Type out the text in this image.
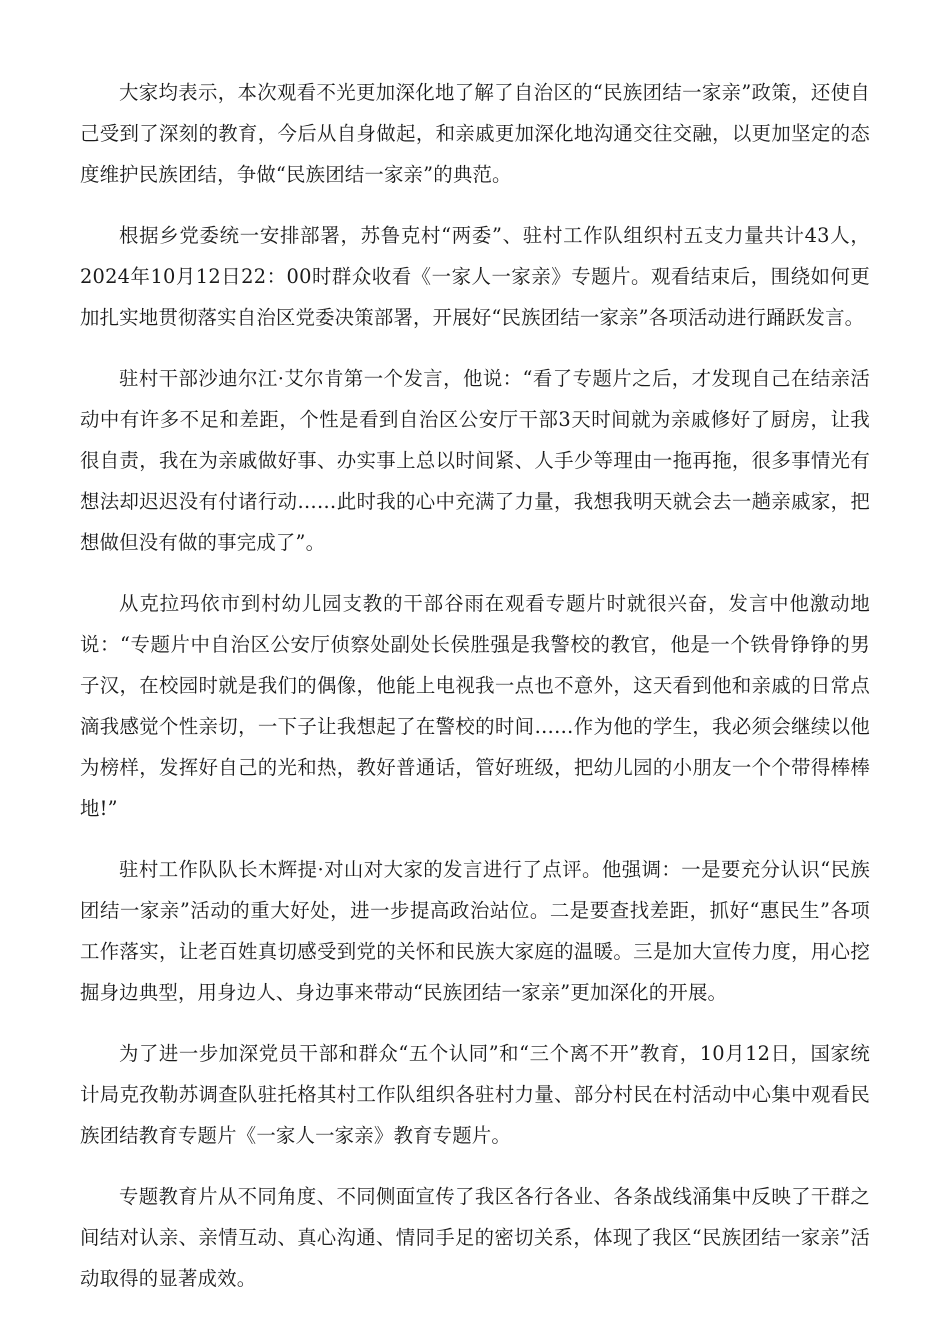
大家均表示，本次观看不光更加深化地了解了自治区的“民族团结一家亲”政策，还使自己受到了深刻的教育，今后从自身做起，和亲戚更加深化地沟通交往交融，以更加坚定的态度维护民族团结，争做“民族团结一家亲”的典范。

根据乡党委统一安排部署，苏鲁克村“两委”、驻村工作队组织村五支力量共计43人，2024年10月12日22：00时群众收看《一家人一家亲》专题片。观看结束后，围绕如何更加扎实地贯彻落实自治区党委决策部署，开展好“民族团结一家亲”各项活动进行踊跃发言。

驻村干部沙迪尔江·艾尔肯第一个发言，他说：“看了专题片之后，才发现自己在结亲活动中有许多不足和差距，个性是看到自治区公安厅干部3天时间就为亲戚修好了厨房，让我很自责，我在为亲戚做好事、办实事上总以时间紧、人手少等理由一拖再拖，很多事情光有想法却迟迟没有付诸行动……此时我的心中充满了力量，我想我明天就会去一趟亲戚家，把想做但没有做的事完成了”。

从克拉玛依市到村幼儿园支教的干部谷雨在观看专题片时就很兴奋，发言中他激动地说：“专题片中自治区公安厅侦察处副处长侯胜强是我警校的教官，他是一个铁骨铮铮的男子汉，在校园时就是我们的偶像，他能上电视我一点也不意外，这天看到他和亲戚的日常点滴我感觉个性亲切，一下子让我想起了在警校的时间……作为他的学生，我必须会继续以他为榜样，发挥好自己的光和热，教好普通话，管好班级，把幼儿园的小朋友一个个带得棒棒地!”

驻村工作队队长木辉提·对山对大家的发言进行了点评。他强调：一是要充分认识“民族团结一家亲”活动的重大好处，进一步提高政治站位。二是要查找差距，抓好“惠民生”各项工作落实，让老百姓真切感受到党的关怀和民族大家庭的温暖。三是加大宣传力度，用心挖掘身边典型，用身边人、身边事来带动“民族团结一家亲”更加深化的开展。

为了进一步加深党员干部和群众“五个认同”和“三个离不开”教育，10月12日，国家统计局克孜勒苏调查队驻托格其村工作队组织各驻村力量、部分村民在村活动中心集中观看民族团结教育专题片《一家人一家亲》教育专题片。

专题教育片从不同角度、不同侧面宣传了我区各行各业、各条战线涌集中反映了干群之间结对认亲、亲情互动、真心沟通、情同手足的密切关系，体现了我区“民族团结一家亲”活动取得的显著成效。
